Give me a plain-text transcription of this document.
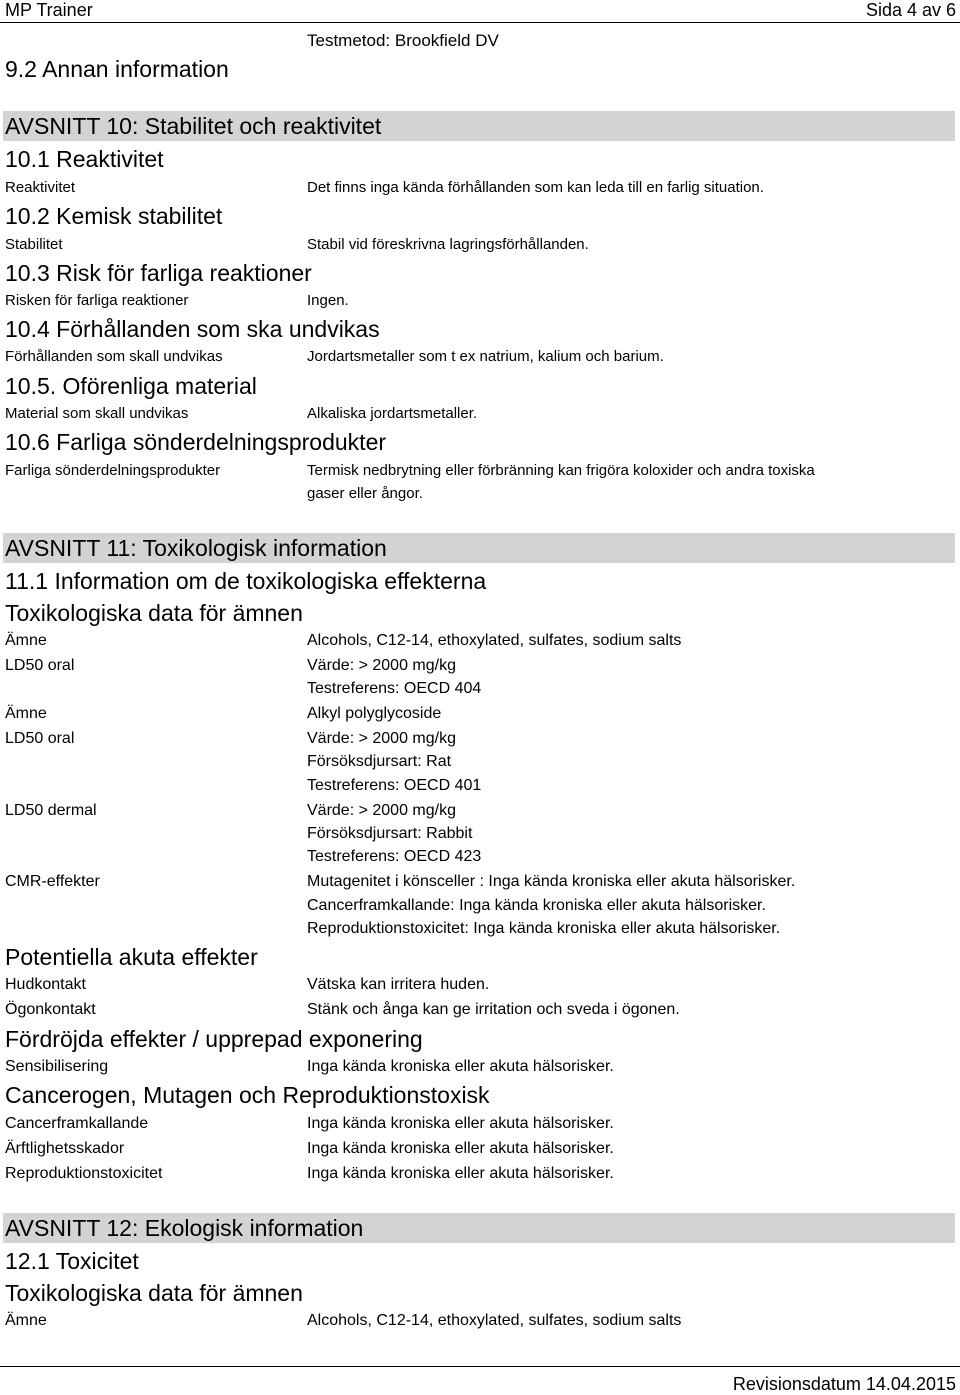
MP Trainer	Sida 4 av 6
Testmetod: Brookfield DV
9.2 Annan information
AVSNITT 10: Stabilitet och reaktivitet
10.1 Reaktivitet
Reaktivitet	Det finns inga kända förhållanden som kan leda till en farlig situation.
10.2 Kemisk stabilitet
Stabilitet	Stabil vid föreskrivna lagringsförhållanden.
10.3 Risk för farliga reaktioner
Risken för farliga reaktioner	Ingen.
10.4 Förhållanden som ska undvikas
Förhållanden som skall undvikas	Jordartsmetaller som t ex natrium, kalium och barium.
10.5. Oförenliga material
Material som skall undvikas	Alkaliska jordartsmetaller.
10.6 Farliga sönderdelningsprodukter
Farliga sönderdelningsprodukter	Termisk nedbrytning eller förbränning kan frigöra koloxider och andra toxiska
gaser eller ångor.
AVSNITT 11: Toxikologisk information
11.1 Information om de toxikologiska effekterna
Toxikologiska data för ämnen
Ämne	Alcohols, C12-14, ethoxylated, sulfates, sodium salts
LD50 oral	Värde: > 2000 mg/kg
Testreferens: OECD 404
Ämne	Alkyl polyglycoside
LD50 oral	Värde: > 2000 mg/kg
Försöksdjursart: Rat
Testreferens: OECD 401
LD50 dermal	Värde: > 2000 mg/kg
Försöksdjursart: Rabbit
Testreferens: OECD 423
CMR-effekter	Mutagenitet i könsceller : Inga kända kroniska eller akuta hälsorisker.
Cancerframkallande: Inga kända kroniska eller akuta hälsorisker.
Reproduktionstoxicitet: Inga kända kroniska eller akuta hälsorisker.
Potentiella akuta effekter
Hudkontakt	Vätska kan irritera huden.
Ögonkontakt	Stänk och ånga kan ge irritation och sveda i ögonen.
Fördröjda effekter / upprepad exponering
Sensibilisering	Inga kända kroniska eller akuta hälsorisker.
Cancerogen, Mutagen och Reproduktionstoxisk
Cancerframkallande	Inga kända kroniska eller akuta hälsorisker.
Ärftlighetsskador	Inga kända kroniska eller akuta hälsorisker.
Reproduktionstoxicitet	Inga kända kroniska eller akuta hälsorisker.
AVSNITT 12: Ekologisk information
12.1 Toxicitet
Toxikologiska data för ämnen
Ämne	Alcohols, C12-14, ethoxylated, sulfates, sodium salts
Revisionsdatum 14.04.2015
